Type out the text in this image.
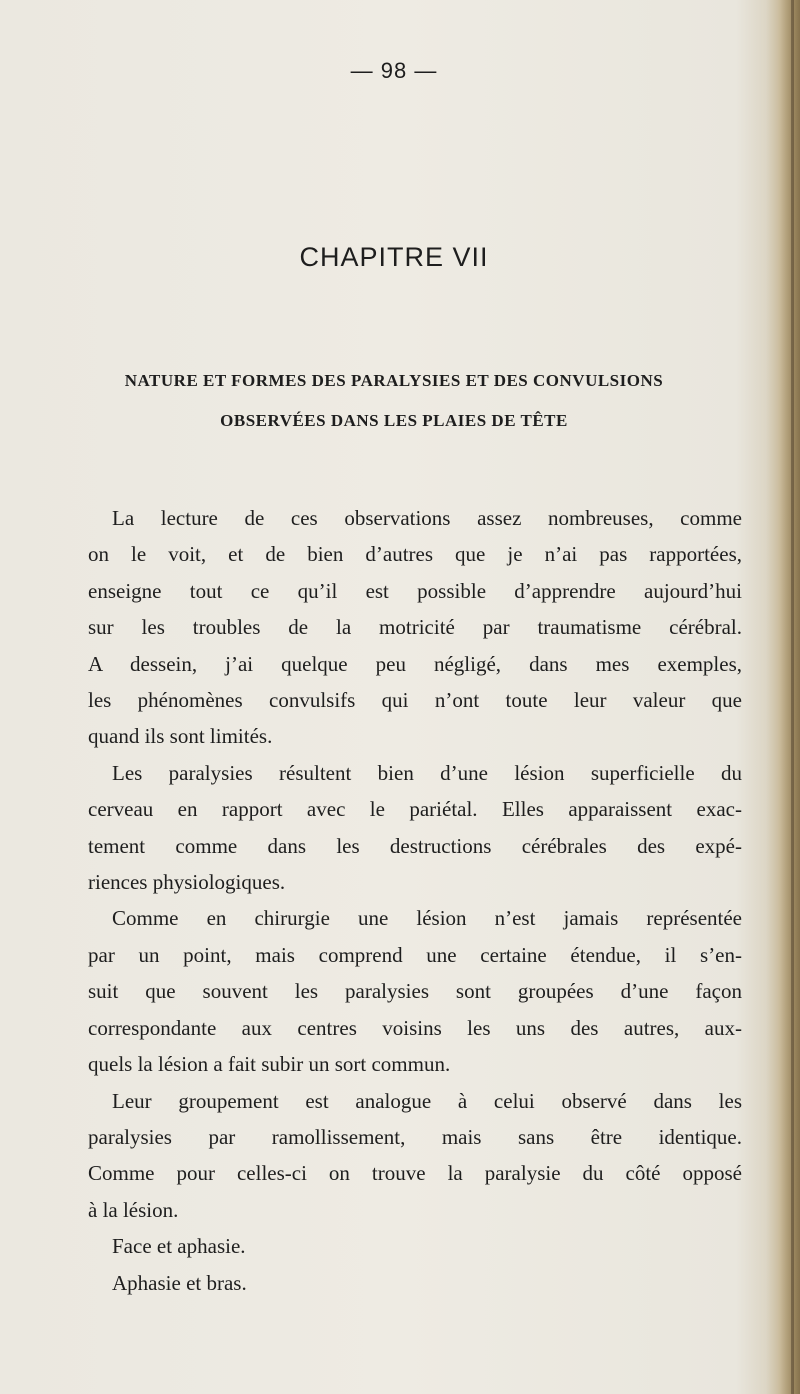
— 98 —
CHAPITRE VII
NATURE ET FORMES DES PARALYSIES ET DES CONVULSIONS
OBSERVÉES DANS LES PLAIES DE TÊTE
La lecture de ces observations assez nombreuses, comme
on le voit, et de bien d’autres que je n’ai pas rapportées,
enseigne tout ce qu’il est possible d’apprendre aujourd’hui
sur les troubles de la motricité par traumatisme cérébral.
A dessein, j’ai quelque peu négligé, dans mes exemples,
les phénomènes convulsifs qui n’ont toute leur valeur que
quand ils sont limités.
Les paralysies résultent bien d’une lésion superficielle du
cerveau en rapport avec le pariétal. Elles apparaissent exac-
tement comme dans les destructions cérébrales des expé-
riences physiologiques.
Comme en chirurgie une lésion n’est jamais représentée
par un point, mais comprend une certaine étendue, il s’en-
suit que souvent les paralysies sont groupées d’une façon
correspondante aux centres voisins les uns des autres, aux-
quels la lésion a fait subir un sort commun.
Leur groupement est analogue à celui observé dans les
paralysies par ramollissement, mais sans être identique.
Comme pour celles-ci on trouve la paralysie du côté opposé
à la lésion.
Face et aphasie.
Aphasie et bras.
